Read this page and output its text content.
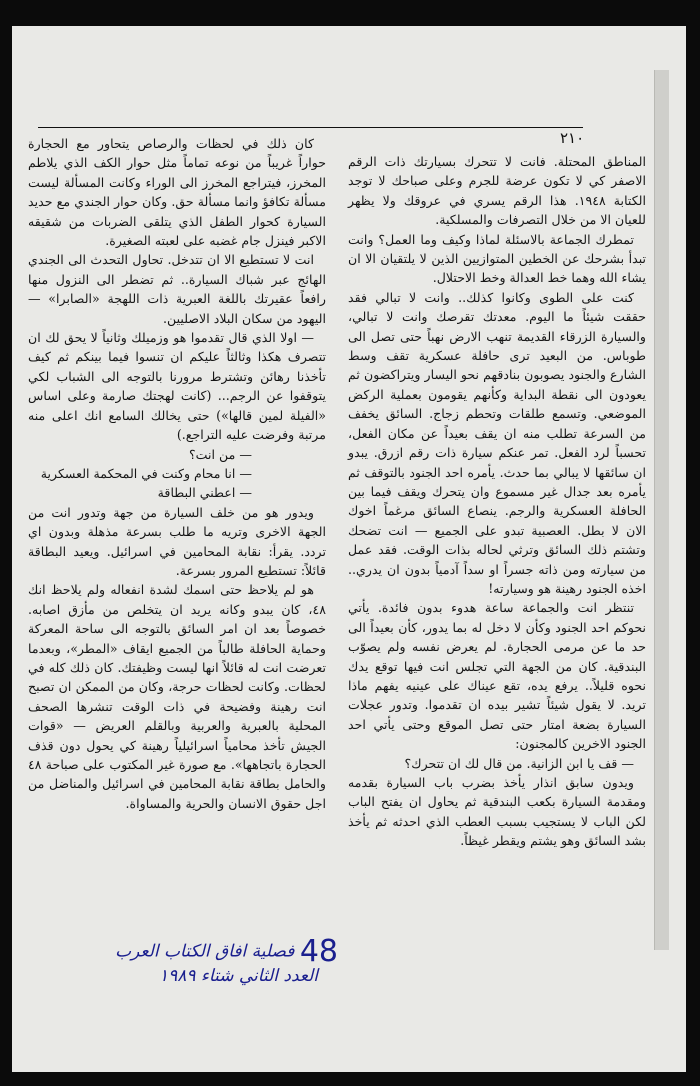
٢١٠

المناطق المحتلة. فانت لا تتحرك بسيارتك ذات الرقم الاصفر كي لا تكون عرضة للجرم وعلى صباحك لا توجد الكتابة ١٩٤٨. هذا الرقم يسري في عروقك ولا يظهر للعيان الا من خلال التصرفات والمسلكية.

تمطرك الجماعة بالاسئلة لماذا وكيف وما العمل؟ وانت تبدأ بشرحك عن الخطين المتوازيين الذين لا يلتقيان الا ان يشاء الله وهما خط العدالة وخط الاحتلال.

كنت على الطوى وكانوا كذلك.. وانت لا تبالي فقد حققت شيئاً ما اليوم. معدتك تقرصك وانت لا تبالي، والسيارة الزرقاء القديمة تنهب الارض نهباً حتى تصل الى طوباس. من البعيد ترى حافلة عسكرية تقف وسط الشارع والجنود يصوبون بنادقهم نحو اليسار ويتراكضون ثم يعودون الى نقطة البداية وكأنهم يقومون بعملية الركض الموضعي. وتسمع طلقات وتحطم زجاج. السائق يخفف من السرعة تطلب منه ان يقف بعيداً عن مكان الفعل، تحسباً لرد الفعل. تمر عنكم سيارة ذات رقم ازرق. يبدو ان سائقها لا يبالي بما حدث. يأمره احد الجنود بالتوقف ثم يأمره بعد جدال غير مسموع وان يتحرك ويقف فيما بين الحافلة العسكرية والرجم. ينصاع السائق مرغماً اخوك الان لا بطل. العصبية تبدو على الجميع — انت تضحك وتشتم ذلك السائق وترثي لحاله بذات الوقت. فقد عمل من سيارته ومن ذاته جسراً او سداً آدمياً بدون ان يدري.. اخذه الجنود رهينة هو وسيارته!

تنتظر انت والجماعة ساعة هدوء بدون فائدة. يأتي نحوكم احد الجنود وكأن لا دخل له بما يدور، كأن بعيداً الى حد ما عن مرمى الحجارة. لم يعرض نفسه ولم يصوّب البندقية. كان من الجهة التي تجلس انت فيها توقع يدك نحوه قليلاً.. يرفع يده، تقع عيناك على عينيه يفهم ماذا تريد. لا يقول شيئاً تشير بيده ان تقدموا. وتدور عجلات السيارة بضعة امتار حتى تصل الموقع وحتى يأتي احد الجنود الاخرين كالمجنون:

— قف يا ابن الزانية. من قال لك ان تتحرك؟

ويدون سابق انذار يأخذ بضرب باب السيارة بقدمه ومقدمة السيارة بكعب البندقية ثم يحاول ان يفتح الباب لكن الباب لا يستجيب بسبب العطب الذي احدثه ثم يأخذ بشد السائق وهو يشتم ويقطر غيظاً.

كان ذلك في لحظات والرصاص يتحاور مع الحجارة حواراً غريباً من نوعه تماماً مثل حوار الكف الذي يلاطم المخرز، فيتراجع المخرز الى الوراء وكانت المسألة ليست مسألة تكافؤ وانما مسألة حق. وكان حوار الجندي مع حديد السيارة كحوار الطفل الذي يتلقى الضربات من شقيقه الاكبر فينزل جام غضبه على لعبته الصغيرة.

انت لا تستطيع الا ان تتدخل. تحاول التحدث الى الجندي الهائج عبر شباك السيارة.. ثم تضطر الى النزول منها رافعاً عقيرتك باللغة العبرية ذات اللهجة «الصابرا» — اليهود من سكان البلاد الاصليين.

— اولا الذي قال تقدموا هو وزميلك وثانياً لا يحق لك ان تتصرف هكذا وثالثاً عليكم ان تنسوا فيما بينكم ثم كيف تأخذنا رهائن وتشترط مرورنا بالتوجه الى الشباب لكي يتوقفوا عن الرجم... (كانت لهجتك صارمة وعلى اساس «الفيلة لمين قالها») حتى يخالك السامع انك اعلى منه مرتبة وفرضت عليه التراجع.)

— من انت؟

— انا محام وكنت في المحكمة العسكرية

— اعطني البطاقة

ويدور هو من خلف السيارة من جهة وتدور انت من الجهة الاخرى وتريه ما طلب بسرعة مذهلة وبدون اي تردد. يقرأ: نقابة المحامين في اسرائيل. ويعيد البطاقة قائلاً: تستطيع المرور بسرعة.

هو لم يلاحظ حتى اسمك لشدة انفعاله ولم يلاحظ انك ٤٨، كان يبدو وكانه يريد ان يتخلص من مأزق اصابه. خصوصاً بعد ان امر السائق بالتوجه الى ساحة المعركة وحماية الحافلة طالباً من الجميع ايقاف «المطر»، وبعدما تعرضت انت له قائلاً انها ليست وظيفتك. كان ذلك كله في لحظات. وكانت لحظات حرجة، وكان من الممكن ان تصبح انت رهينة وفضيحة في ذات الوقت تنشرها الصحف المحلية بالعبرية والعربية وبالقلم العريض — «قوات الجيش تأخذ محامياً اسرائيلياً رهينة كي يحول دون قذف الحجارة باتجاهها». مع صورة غير المكتوب على صباحة ٤٨ والحامل بطاقة نقابة المحامين في اسرائيل والمناضل من اجل حقوق الانسان والحرية والمساواة.

48 فصلية افاق الكتاب العرب
العدد الثاني شتاء ١٩٨٩
